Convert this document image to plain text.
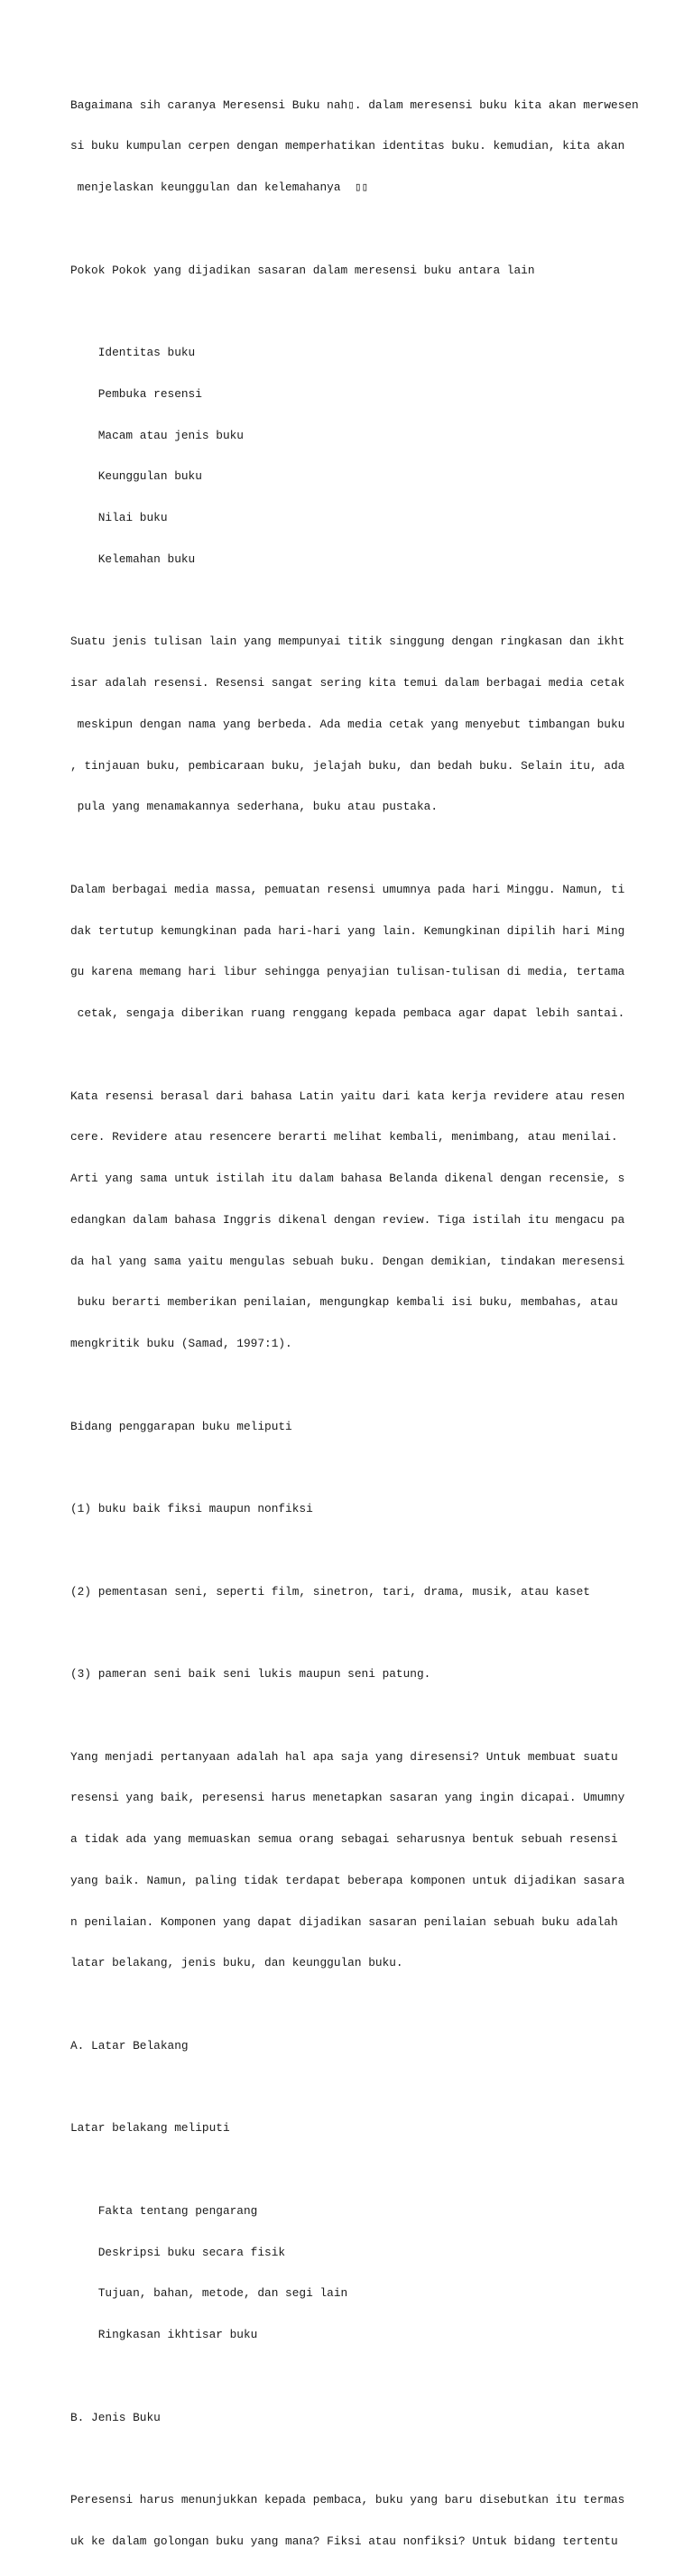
Bagaimana sih caranya Meresensi Buku nah▯. dalam meresensi buku kita akan merwesen

si buku kumpulan cerpen dengan memperhatikan identitas buku. kemudian, kita akan

menjelaskan keunggulan dan kelemahanya  ▯▯

Pokok Pokok yang dijadikan sasaran dalam meresensi buku antara lain

Identitas buku

Pembuka resensi

Macam atau jenis buku

Keunggulan buku

Nilai buku

Kelemahan buku

Suatu jenis tulisan lain yang mempunyai titik singgung dengan ringkasan dan ikht

isar adalah resensi. Resensi sangat sering kita temui dalam berbagai media cetak

meskipun dengan nama yang berbeda. Ada media cetak yang menyebut timbangan buku

, tinjauan buku, pembicaraan buku, jelajah buku, dan bedah buku. Selain itu, ada

pula yang menamakannya sederhana, buku atau pustaka.

Dalam berbagai media massa, pemuatan resensi umumnya pada hari Minggu. Namun, ti

dak tertutup kemungkinan pada hari-hari yang lain. Kemungkinan dipilih hari Ming

gu karena memang hari libur sehingga penyajian tulisan-tulisan di media, tertama

cetak, sengaja diberikan ruang renggang kepada pembaca agar dapat lebih santai.

Kata resensi berasal dari bahasa Latin yaitu dari kata kerja revidere atau resen

cere. Revidere atau resencere berarti melihat kembali, menimbang, atau menilai.

Arti yang sama untuk istilah itu dalam bahasa Belanda dikenal dengan recensie, s

edangkan dalam bahasa Inggris dikenal dengan review. Tiga istilah itu mengacu pa

da hal yang sama yaitu mengulas sebuah buku. Dengan demikian, tindakan meresensi

buku berarti memberikan penilaian, mengungkap kembali isi buku, membahas, atau

mengkritik buku (Samad, 1997:1).

Bidang penggarapan buku meliputi

(1) buku baik fiksi maupun nonfiksi

(2) pementasan seni, seperti film, sinetron, tari, drama, musik, atau kaset

(3) pameran seni baik seni lukis maupun seni patung.

Yang menjadi pertanyaan adalah hal apa saja yang diresensi? Untuk membuat suatu

resensi yang baik, peresensi harus menetapkan sasaran yang ingin dicapai. Umumny

a tidak ada yang memuaskan semua orang sebagai seharusnya bentuk sebuah resensi

yang baik. Namun, paling tidak terdapat beberapa komponen untuk dijadikan sasara

n penilaian. Komponen yang dapat dijadikan sasaran penilaian sebuah buku adalah

latar belakang, jenis buku, dan keunggulan buku.

A. Latar Belakang

Latar belakang meliputi

Fakta tentang pengarang

Deskripsi buku secara fisik

Tujuan, bahan, metode, dan segi lain

Ringkasan ikhtisar buku

B. Jenis Buku

Peresensi harus menunjukkan kepada pembaca, buku yang baru disebutkan itu termas

uk ke dalam golongan buku yang mana? Fiksi atau nonfiksi? Untuk bidang tertentu
